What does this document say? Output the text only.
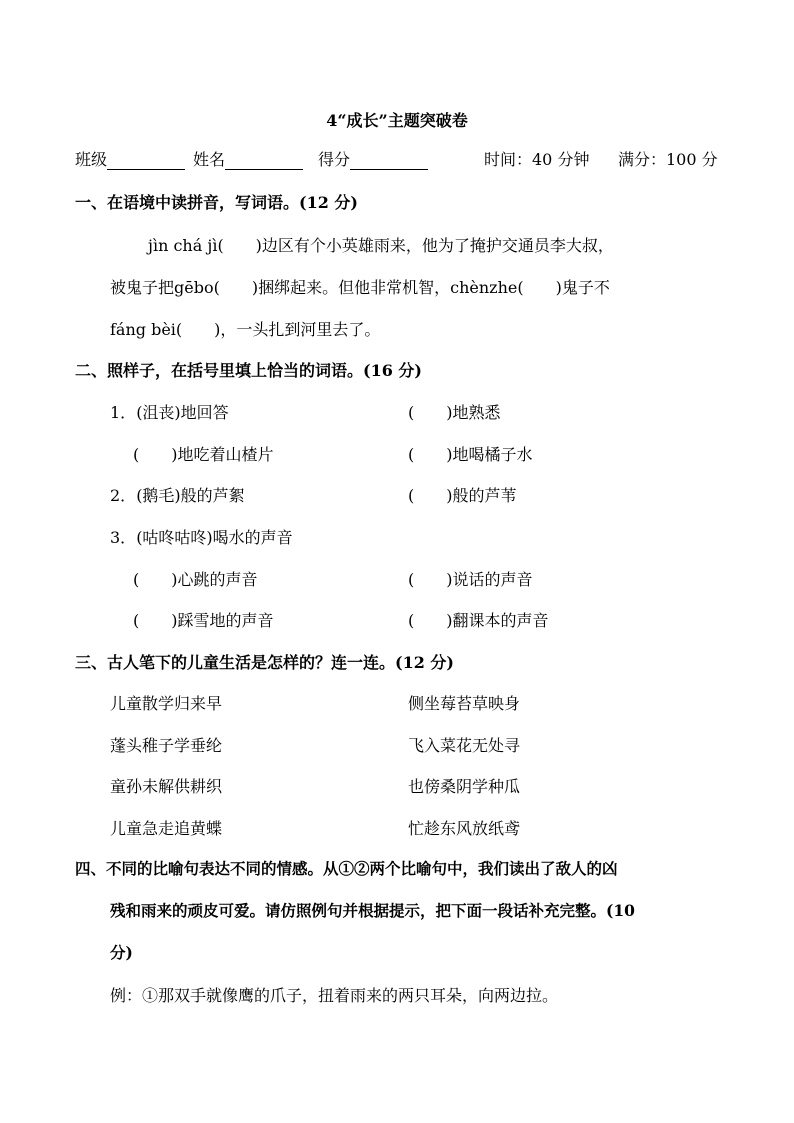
4“成长”主题突破卷
班级	姓名	得分	时间：40 分钟 满分：100 分
一、在语境中读拼音，写词语。(12 分)
jìn chá jì(  )边区有个小英雄雨来，他为了掩护交通员李大叔，
被鬼子把gēbo(  )捆绑起来。但他非常机智，chènzhe(  )鬼子不
fáng bèi(  )，一头扎到河里去了。
二、照样子，在括号里填上恰当的词语。(16 分)
1．(沮丧)地回答	(  )地熟悉
(  )地吃着山楂片	(  )地喝橘子水
2．(鹅毛)般的芦絮	(  )般的芦苇
3．(咕咚咕咚)喝水的声音
(  )心跳的声音	(  )说话的声音
(  )踩雪地的声音	(  )翻课本的声音
三、古人笔下的儿童生活是怎样的？连一连。(12 分)
儿童散学归来早	侧坐莓苔草映身
蓬头稚子学垂纶	飞入菜花无处寻
童孙未解供耕织	也傍桑阴学种瓜
儿童急走追黄蝶	忙趁东风放纸鸢
四、不同的比喻句表达不同的情感。从①②两个比喻句中，我们读出了敌人的凶
残和雨来的顽皮可爱。请仿照例句并根据提示，把下面一段话补充完整。(10
分)
例：①那双手就像鹰的爪子，扭着雨来的两只耳朵，向两边拉。
